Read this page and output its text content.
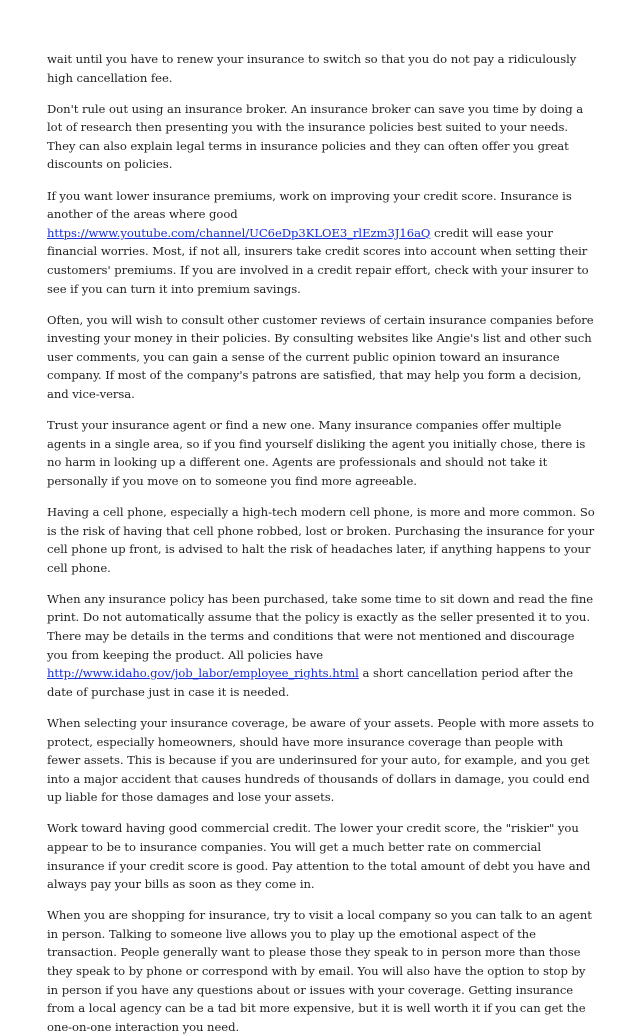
wait until you have to renew your insurance to switch so that you do not pay a ridiculously high cancellation fee.

Don't rule out using an insurance broker. An insurance broker can save you time by doing a lot of research then presenting you with the insurance policies best suited to your needs. They can also explain legal terms in insurance policies and they can often offer you great discounts on policies.

If you want lower insurance premiums, work on improving your credit score. Insurance is another of the areas where good https://www.youtube.com/channel/UC6eDp3KLOE3_rlEzm3J16aQ credit will ease your financial worries. Most, if not all, insurers take credit scores into account when setting their customers' premiums. If you are involved in a credit repair effort, check with your insurer to see if you can turn it into premium savings.

Often, you will wish to consult other customer reviews of certain insurance companies before investing your money in their policies. By consulting websites like Angie's list and other such user comments, you can gain a sense of the current public opinion toward an insurance company. If most of the company's patrons are satisfied, that may help you form a decision, and vice-versa.

Trust your insurance agent or find a new one. Many insurance companies offer multiple agents in a single area, so if you find yourself disliking the agent you initially chose, there is no harm in looking up a different one. Agents are professionals and should not take it personally if you move on to someone you find more agreeable.

Having a cell phone, especially a high-tech modern cell phone, is more and more common. So is the risk of having that cell phone robbed, lost or broken. Purchasing the insurance for your cell phone up front, is advised to halt the risk of headaches later, if anything happens to your cell phone.

When any insurance policy has been purchased, take some time to sit down and read the fine print. Do not automatically assume that the policy is exactly as the seller presented it to you. There may be details in the terms and conditions that were not mentioned and discourage you from keeping the product. All policies have http://www.idaho.gov/job_labor/employee_rights.html a short cancellation period after the date of purchase just in case it is needed.

When selecting your insurance coverage, be aware of your assets. People with more assets to protect, especially homeowners, should have more insurance coverage than people with fewer assets. This is because if you are underinsured for your auto, for example, and you get into a major accident that causes hundreds of thousands of dollars in damage, you could end up liable for those damages and lose your assets.

Work toward having good commercial credit. The lower your credit score, the "riskier" you appear to be to insurance companies. You will get a much better rate on commercial insurance if your credit score is good. Pay attention to the total amount of debt you have and always pay your bills as soon as they come in.

When you are shopping for insurance, try to visit a local company so you can talk to an agent in person. Talking to someone live allows you to play up the emotional aspect of the transaction. People generally want to please those they speak to in person more than those they speak to by phone or correspond with by email. You will also have the option to stop by in person if you have any questions about or issues with your coverage. Getting insurance from a local agency can be a tad bit more expensive, but it is well worth it if you can get the one-on-one interaction you need.
